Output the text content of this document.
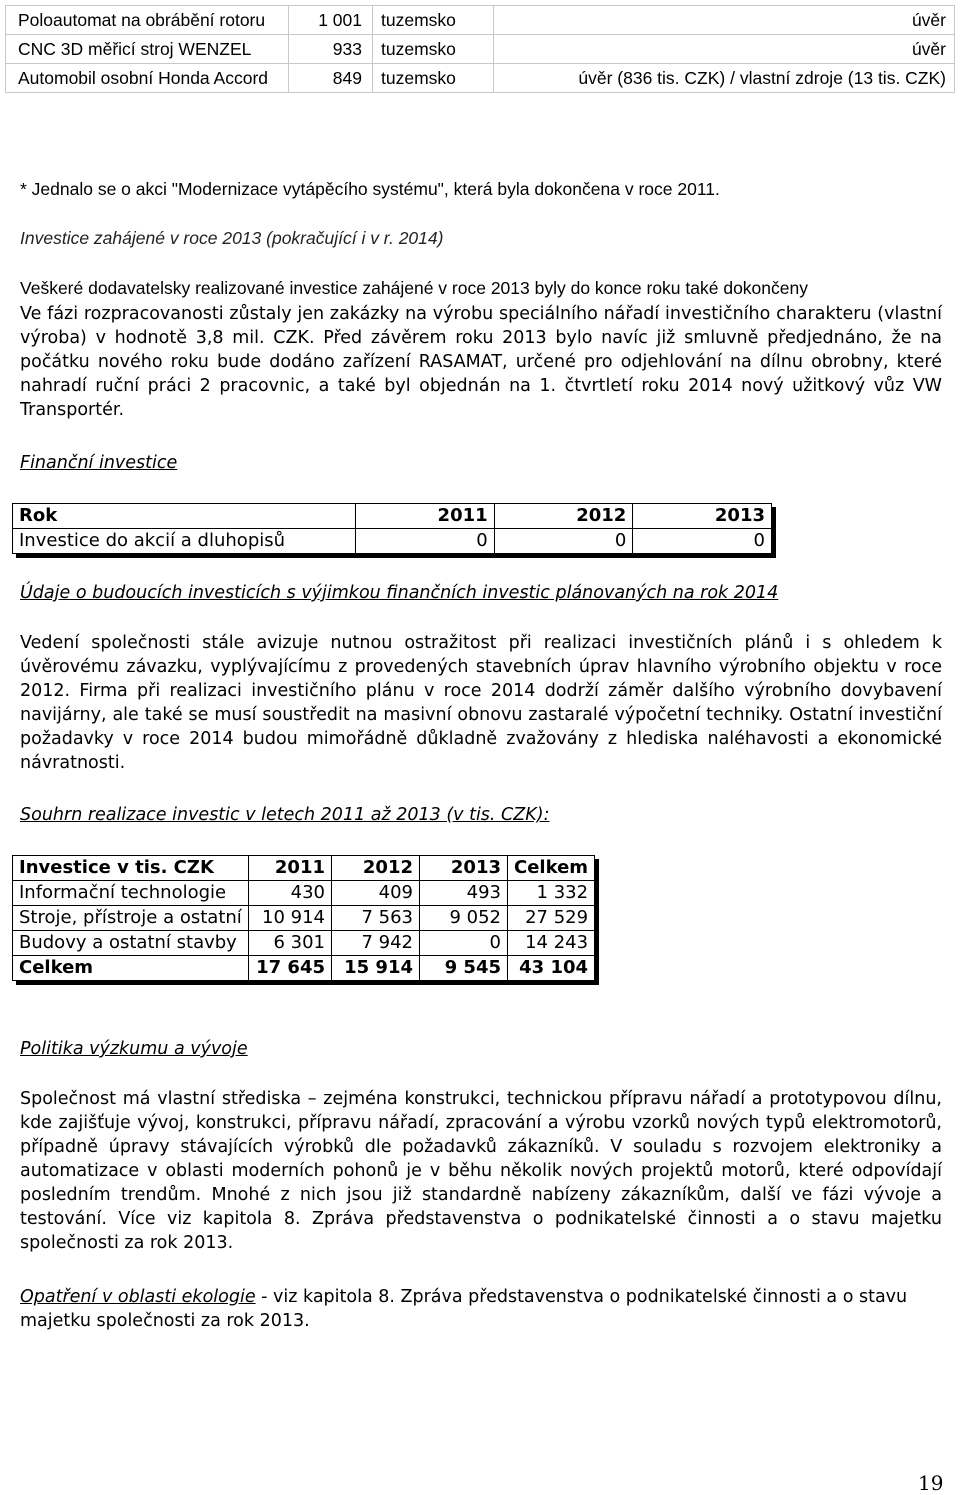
Poloautomat na obrábění rotoru	1 001	tuzemsko	úvěr
CNC 3D měřicí stroj WENZEL	933	tuzemsko	úvěr
Automobil osobní Honda Accord	849	tuzemsko	úvěr (836 tis. CZK) / vlastní zdroje (13 tis. CZK)
* Jednalo se o akci "Modernizace vytápěcího systému", která byla dokončena v roce 2011.
Investice zahájené v roce 2013 (pokračující i v r. 2014)
Veškeré dodavatelsky realizované investice zahájené v roce 2013 byly do konce roku také dokončeny
Ve fázi rozpracovanosti zůstaly jen zakázky na výrobu speciálního nářadí investičního charakteru (vlastní výroba) v hodnotě 3,8 mil. CZK. Před závěrem roku 2013 bylo navíc již smluvně předjednáno, že na počátku nového roku bude dodáno zařízení RASAMAT, určené pro odjehlování na dílnu obrobny, které nahradí ruční práci 2 pracovnic, a také byl objednán na 1. čtvrtletí roku 2014 nový užitkový vůz VW Transportér.
Finanční investice
Rok	2011	2012	2013
Investice do akcií a dluhopisů	0	0	0
Údaje o budoucích investicích s výjimkou finančních investic plánovaných na rok 2014
Vedení společnosti stále avizuje nutnou ostražitost při realizaci investičních plánů i s ohledem k úvěrovému závazku, vyplývajícímu z provedených stavebních úprav hlavního výrobního objektu v roce 2012. Firma při realizaci investičního plánu v roce 2014 dodrží záměr dalšího výrobního dovybavení navijárny, ale také se musí soustředit na masivní obnovu zastaralé výpočetní techniky. Ostatní investiční požadavky v roce 2014 budou mimořádně důkladně zvažovány z hlediska naléhavosti a ekonomické návratnosti.
Souhrn realizace investic v letech 2011 až 2013 (v tis. CZK):
Investice v tis. CZK	2011	2012	2013	Celkem
Informační technologie	430	409	493	1 332
Stroje, přístroje a ostatní	10 914	7 563	9 052	27 529
Budovy a ostatní stavby	6 301	7 942	0	14 243
Celkem	17 645	15 914	9 545	43 104
Politika výzkumu a vývoje
Společnost má vlastní střediska – zejména konstrukci, technickou přípravu nářadí a prototypovou dílnu, kde zajišťuje vývoj, konstrukci, přípravu nářadí, zpracování a výrobu vzorků nových typů elektromotorů, případně úpravy stávajících výrobků dle požadavků zákazníků. V souladu s rozvojem elektroniky a automatizace v oblasti moderních pohonů je v běhu několik nových projektů motorů, které odpovídají posledním trendům. Mnohé z nich jsou již standardně nabízeny zákazníkům, další ve fázi vývoje a testování. Více viz kapitola 8. Zpráva představenstva o podnikatelské činnosti a o stavu majetku společnosti za rok 2013.
Opatření v oblasti ekologie - viz kapitola 8. Zpráva představenstva o podnikatelské činnosti a o stavu majetku společnosti za rok 2013.
19
